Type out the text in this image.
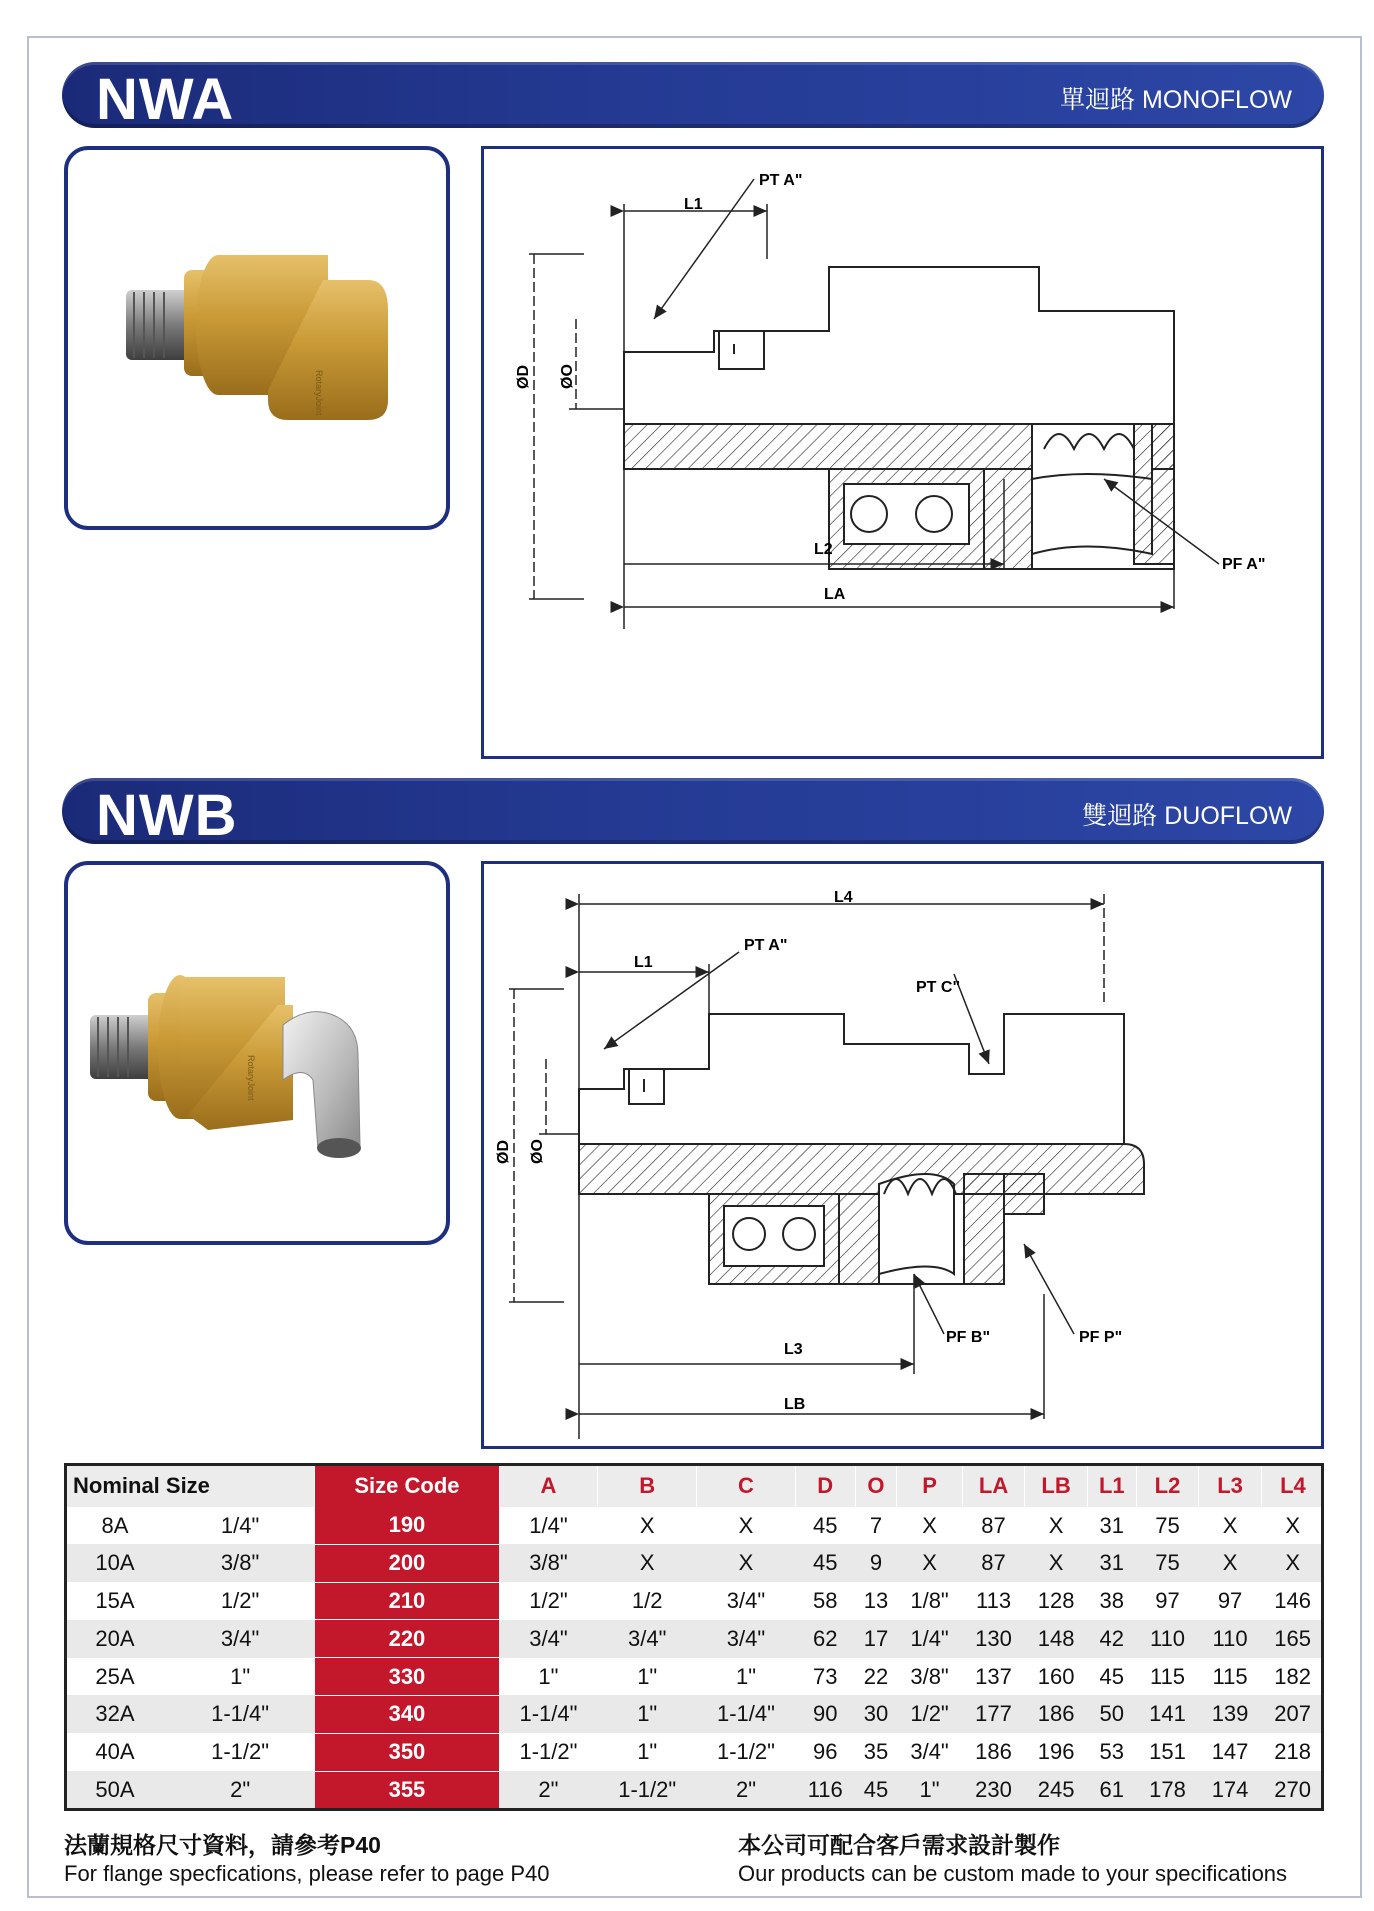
NWA	單迴路 MONOFLOW
RotaryJoint
PT A"
L1
L2
LA
PF A"
ØD ØO
NWB	雙迴路 DUOFLOW
RotaryJoint
L4
L1
PT A"
PT C"
PF B"	PF P"
L3
LB
ØD ØO
Nominal Size		Size Code	A	B	C	D	O	P	LA	LB	L1	L2	L3	L4
8A	1/4"	190	1/4"	X	X	45	7	X	87	X	31	75	X	X
10A	3/8"	200	3/8"	X	X	45	9	X	87	X	31	75	X	X
15A	1/2"	210	1/2"	1/2	3/4"	58	13	1/8"	113	128	38	97	97	146
20A	3/4"	220	3/4"	3/4"	3/4"	62	17	1/4"	130	148	42	110	110	165
25A	1"	330	1"	1"	1"	73	22	3/8"	137	160	45	115	115	182
32A	1-1/4"	340	1-1/4"	1"	1-1/4"	90	30	1/2"	177	186	50	141	139	207
40A	1-1/2"	350	1-1/2"	1"	1-1/2"	96	35	3/4"	186	196	53	151	147	218
50A	2"	355	2"	1-1/2"	2"	116	45	1"	230	245	61	178	174	270
法蘭規格尺寸資料，請參考P40
For flange specfications, please refer to page P40
本公司可配合客戶需求設計製作
Our products can be custom made to your specifications
